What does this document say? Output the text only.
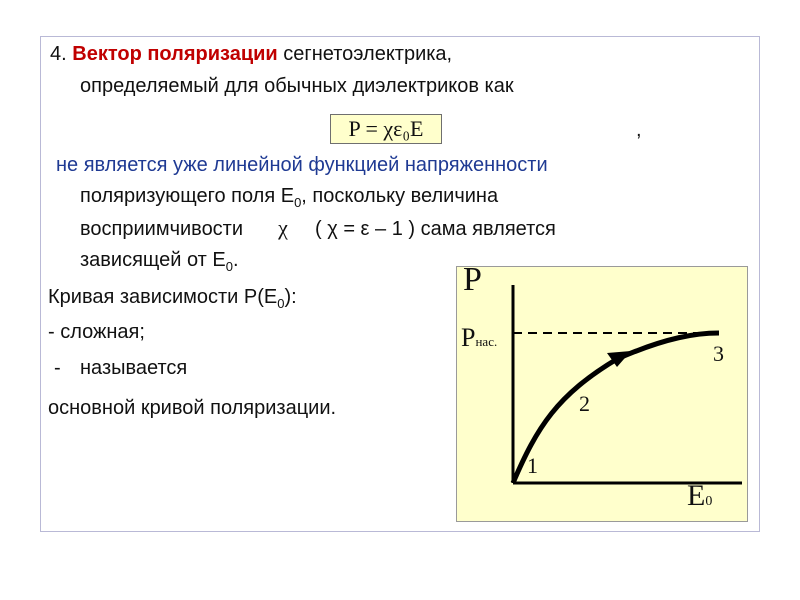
4. Вектор поляризации сегнетоэлектрика,
определяемый для обычных диэлектриков как
P = χε₀E	,
не является уже линейной функцией напряженности
поляризующего поля $E_0$, поскольку величина
восприимчивости χ ( χ = ε – 1 ) сама является
зависящей от $E_0$.
Кривая зависимости $P(E_0)$:
- сложная;
- называется
основной кривой поляризации.
P
Pнас.
E0
1
2
3
